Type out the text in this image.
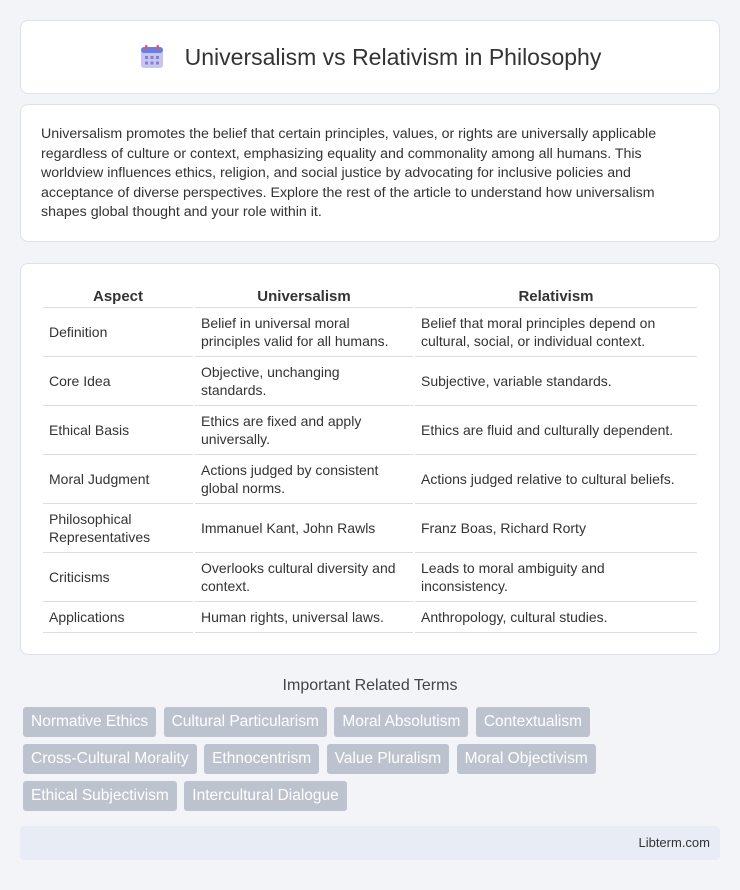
Universalism vs Relativism in Philosophy

Universalism promotes the belief that certain principles, values, or rights are universally applicable regardless of culture or context, emphasizing equality and commonality among all humans. This worldview influences ethics, religion, and social justice by advocating for inclusive policies and acceptance of diverse perspectives. Explore the rest of the article to understand how universalism shapes global thought and your role within it.

Aspect	Universalism	Relativism
Definition	Belief in universal moral principles valid for all humans.	Belief that moral principles depend on cultural, social, or individual context.
Core Idea	Objective, unchanging standards.	Subjective, variable standards.
Ethical Basis	Ethics are fixed and apply universally.	Ethics are fluid and culturally dependent.
Moral Judgment	Actions judged by consistent global norms.	Actions judged relative to cultural beliefs.
Philosophical Representatives	Immanuel Kant, John Rawls	Franz Boas, Richard Rorty
Criticisms	Overlooks cultural diversity and context.	Leads to moral ambiguity and inconsistency.
Applications	Human rights, universal laws.	Anthropology, cultural studies.
Important Related Terms
Normative Ethics Cultural Particularism Moral Absolutism Contextualism Cross-Cultural Morality Ethnocentrism Value Pluralism Moral Objectivism Ethical Subjectivism Intercultural Dialogue
Libterm.com
